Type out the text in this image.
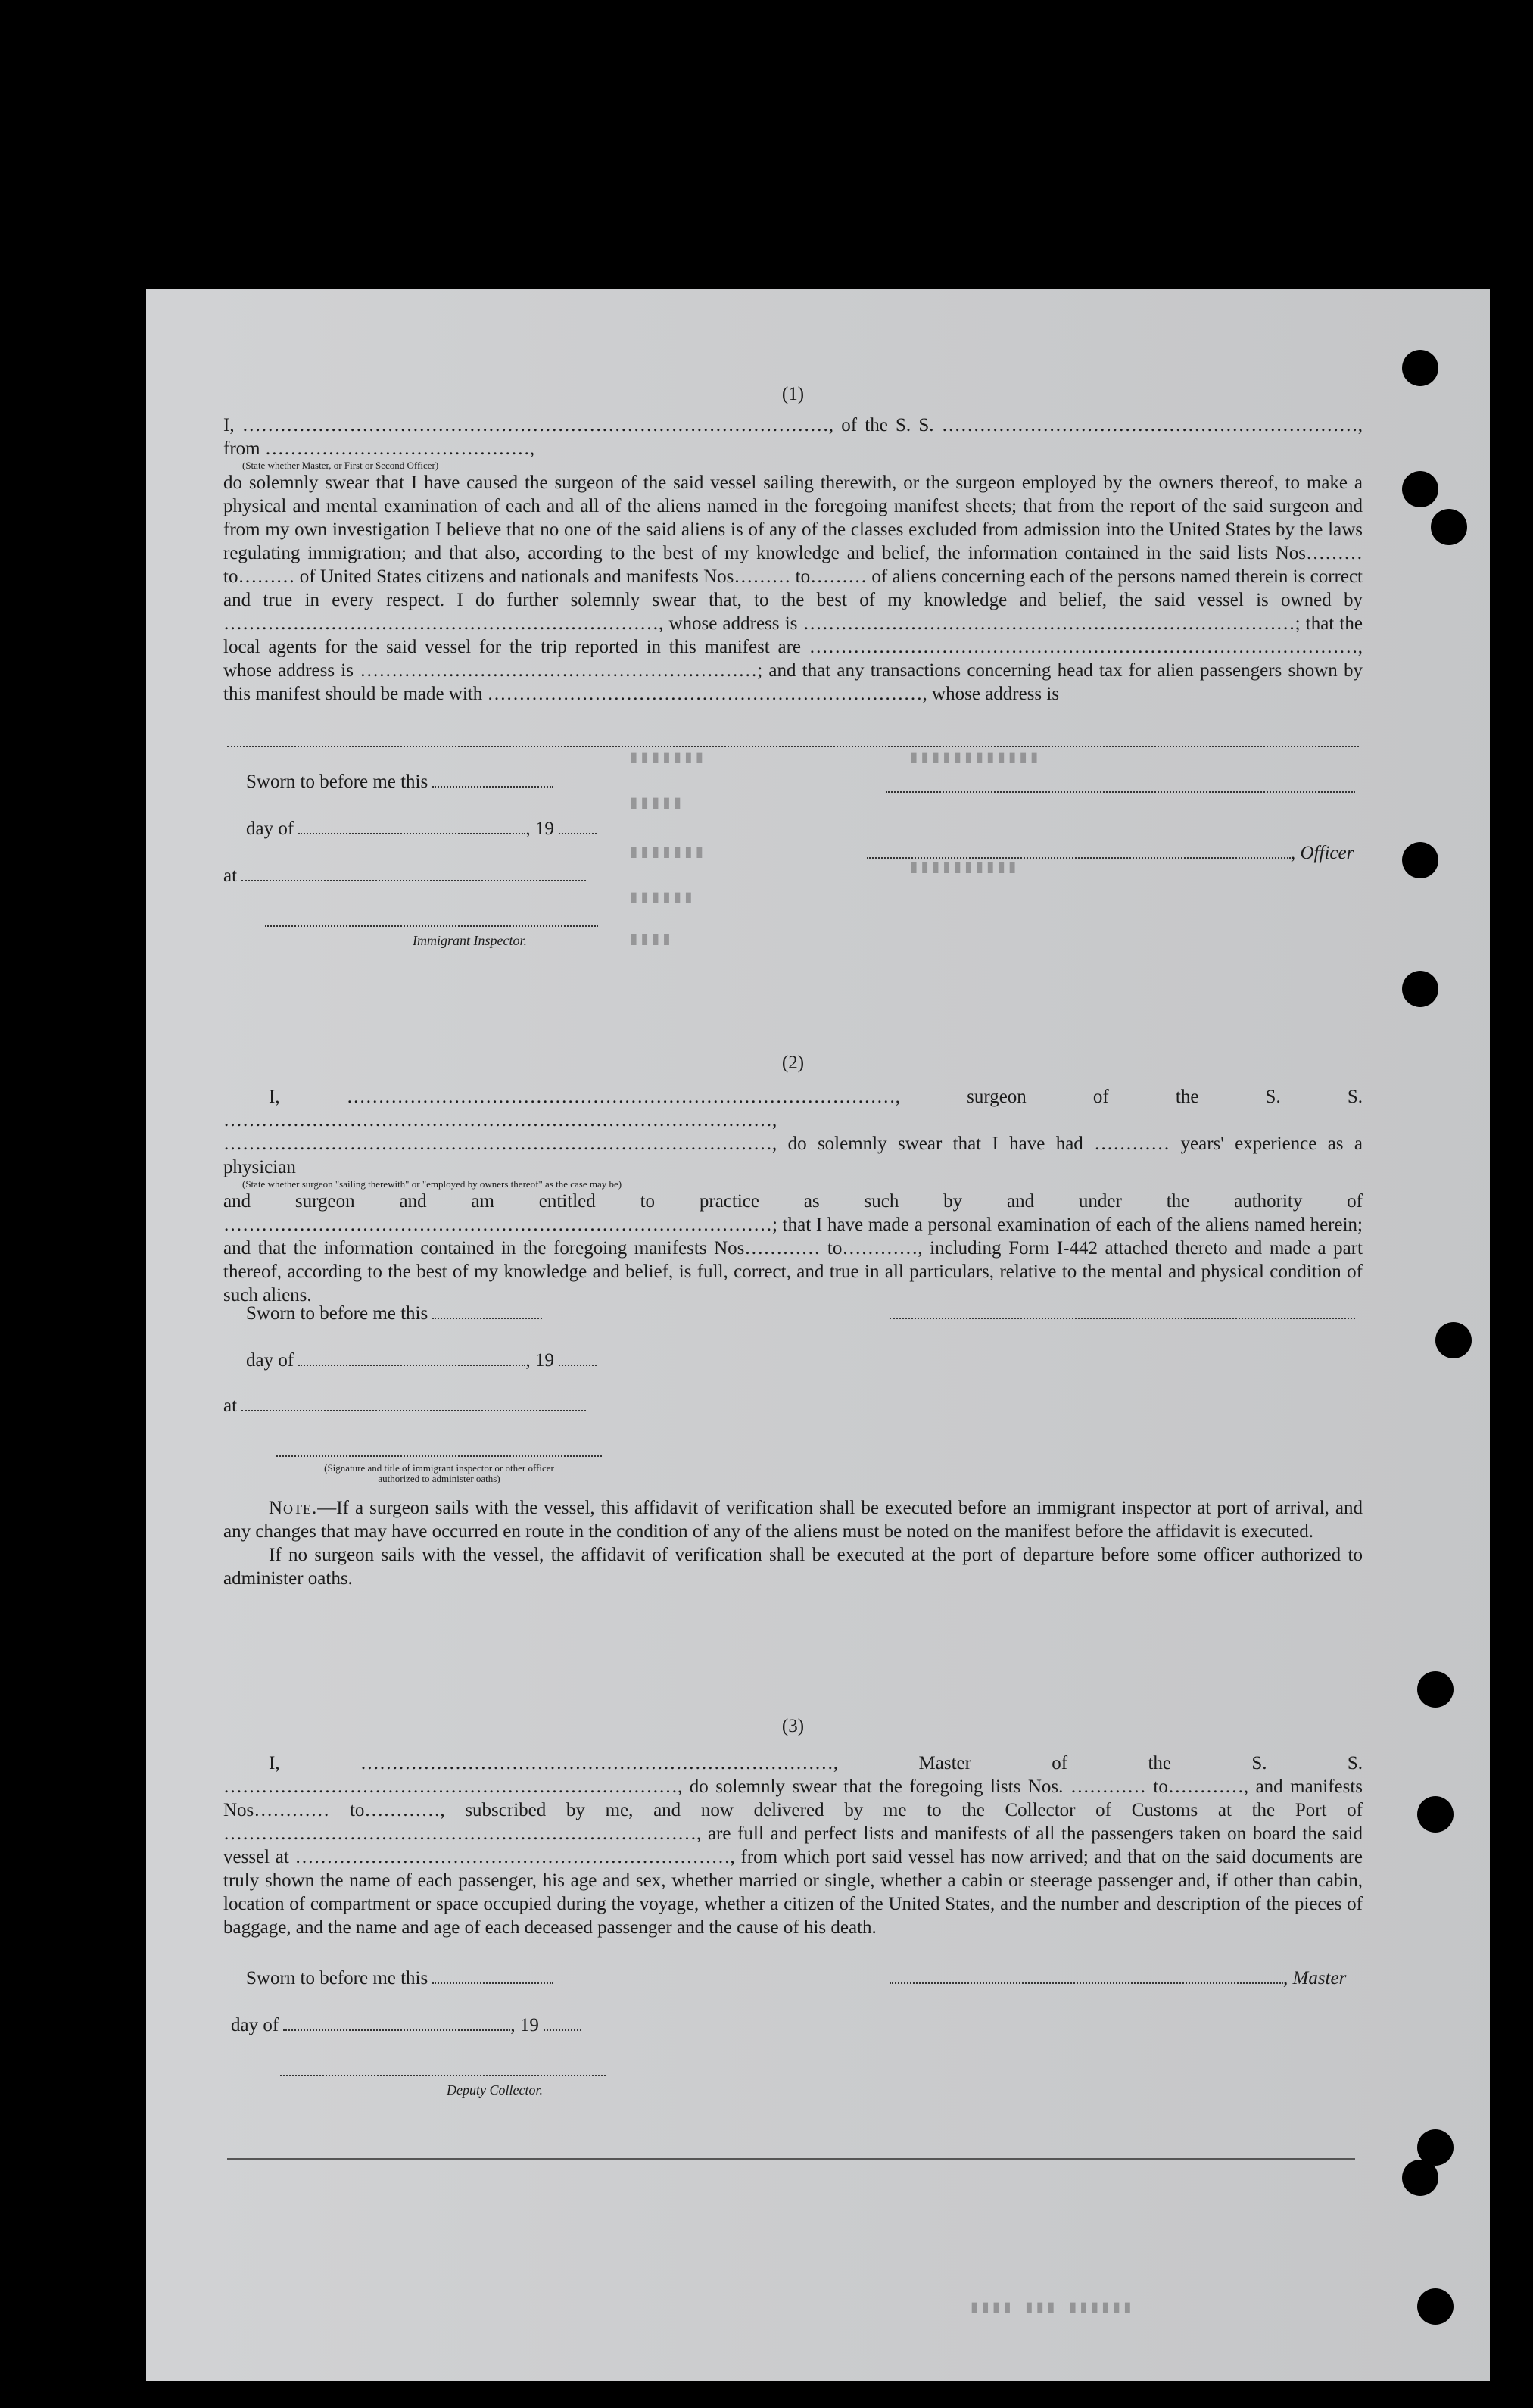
▮▮▮▮▮▮▮
▮▮▮▮▮
▮▮▮▮▮▮▮
▮▮▮▮▮▮
▮▮▮▮
▮▮▮▮▮▮▮▮▮▮▮▮
▮▮▮▮▮▮▮▮▮▮
(1)

I, …………………………………………………………………………………, of the S. S. …………………………………………………………, from ……………………………………,

(State whether Master, or First or Second Officer)

do solemnly swear that I have caused the surgeon of the said vessel sailing therewith, or the surgeon employed by the owners thereof, to make a physical and mental examination of each and all of the aliens named in the foregoing manifest sheets; that from the report of the said surgeon and from my own investigation I believe that no one of the said aliens is of any of the classes excluded from admission into the United States by the laws regulating immigration; and that also, according to the best of my knowledge and belief, the information contained in the said lists Nos……… to……… of United States citizens and nationals and manifests Nos……… to……… of aliens concerning each of the persons named therein is correct and true in every respect. I do further solemnly swear that, to the best of my knowledge and belief, the said vessel is owned by ……………………………………………………………, whose address is ……………………………………………………………………; that the local agents for the said vessel for the trip reported in this manifest are ……………………………………………………………………………, whose address is ………………………………………………………; and that any transactions concerning head tax for alien passengers shown by this manifest should be made with ……………………………………………………………, whose address is

Sworn to before me this
day of	, 19
, Officer
at
Immigrant Inspector.
(2)

I, ……………………………………………………………………………, surgeon of the S. S. ……………………………………………………………………………,

……………………………………………………………………………, do solemnly swear that I have had ………… years' experience as a physician

(State whether surgeon "sailing therewith" or "employed by owners thereof" as the case may be)

and surgeon and am entitled to practice as such by and under the authority of ……………………………………………………………………………; that I have made a personal examination of each of the aliens named herein; and that the information contained in the foregoing manifests Nos………… to…………, including Form I-442 attached thereto and made a part thereof, according to the best of my knowledge and belief, is full, correct, and true in all particulars, relative to the mental and physical condition of such aliens.

Sworn to before me this
day of	, 19
at
(Signature and title of immigrant inspector or other officer authorized to administer oaths)

Note.—If a surgeon sails with the vessel, this affidavit of verification shall be executed before an immigrant inspector at port of arrival, and any changes that may have occurred en route in the condition of any of the aliens must be noted on the manifest before the affidavit is executed.

If no surgeon sails with the vessel, the affidavit of verification shall be executed at the port of departure before some officer authorized to administer oaths.

(3)

I, …………………………………………………………………, Master of the S. S. ………………………………………………………………, do solemnly swear that the foregoing lists Nos. ………… to…………, and manifests Nos………… to…………, subscribed by me, and now delivered by me to the Collector of Customs at the Port of …………………………………………………………………, are full and perfect lists and manifests of all the passengers taken on board the said vessel at ……………………………………………………………, from which port said vessel has now arrived; and that on the said documents are truly shown the name of each passenger, his age and sex, whether married or single, whether a cabin or steerage passenger and, if other than cabin, location of compartment or space occupied during the voyage, whether a citizen of the United States, and the number and description of the pieces of baggage, and the name and age of each deceased passenger and the cause of his death.

Sworn to before me this	, Master
day of	, 19
Deputy Collector.
▮▮▮▮ ▮▮▮ ▮▮▮▮▮▮
